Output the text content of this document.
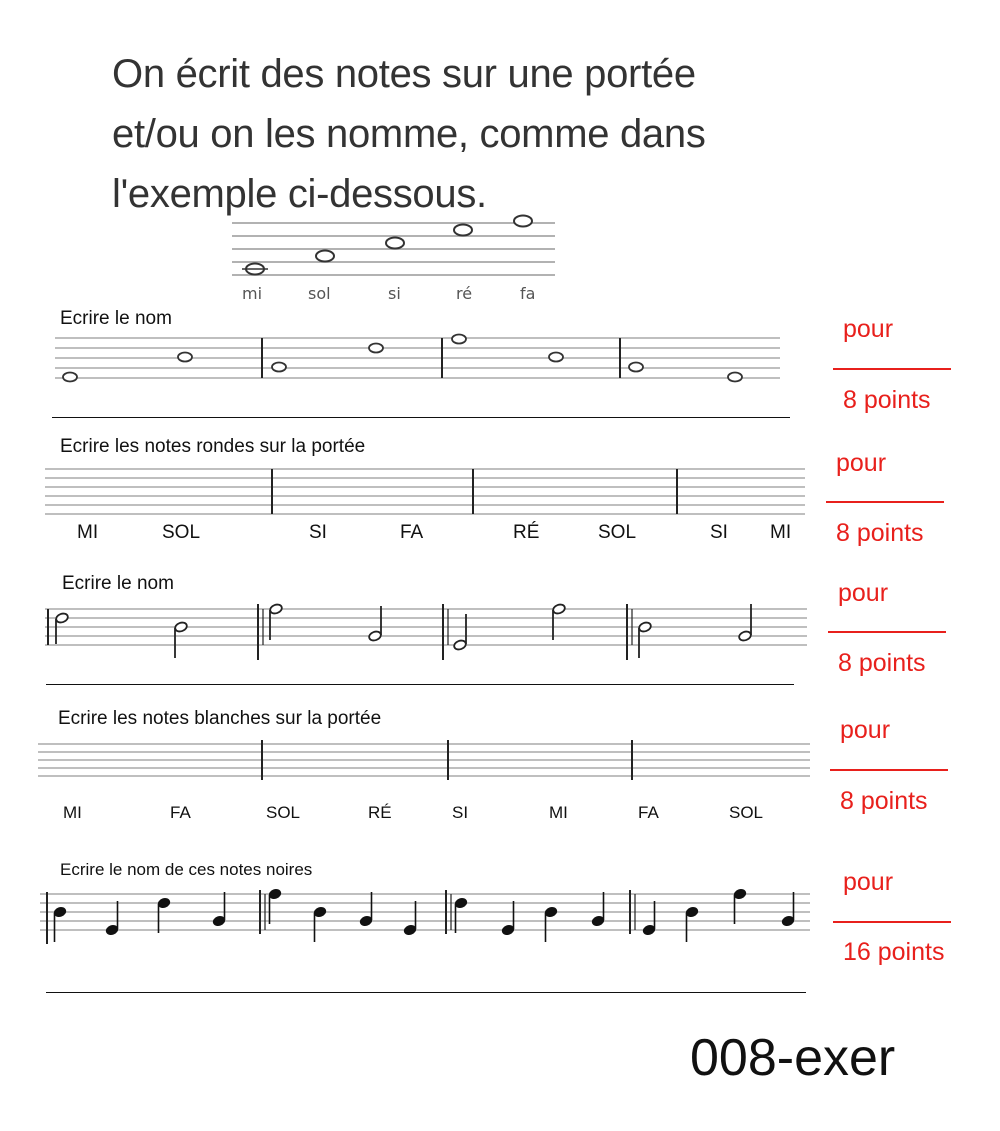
On écrit des notes sur une portée
et/ou on les nomme, comme dans
l'exemple ci-dessous.
mi	sol	si	ré	fa
Ecrire le nom	pour
8 points
Ecrire les notes rondes sur la portée
MI	SOL	SI	FA	RÉ	SOL	SI MI
pour
8 points
Ecrire le nom	pour
8 points
Ecrire les notes blanches sur la portée
MI	FA	SOL	RÉ	SI	MI	FA	SOL
pour
8 points
Ecrire le nom de ces notes noires	pour
16 points
008-exer
